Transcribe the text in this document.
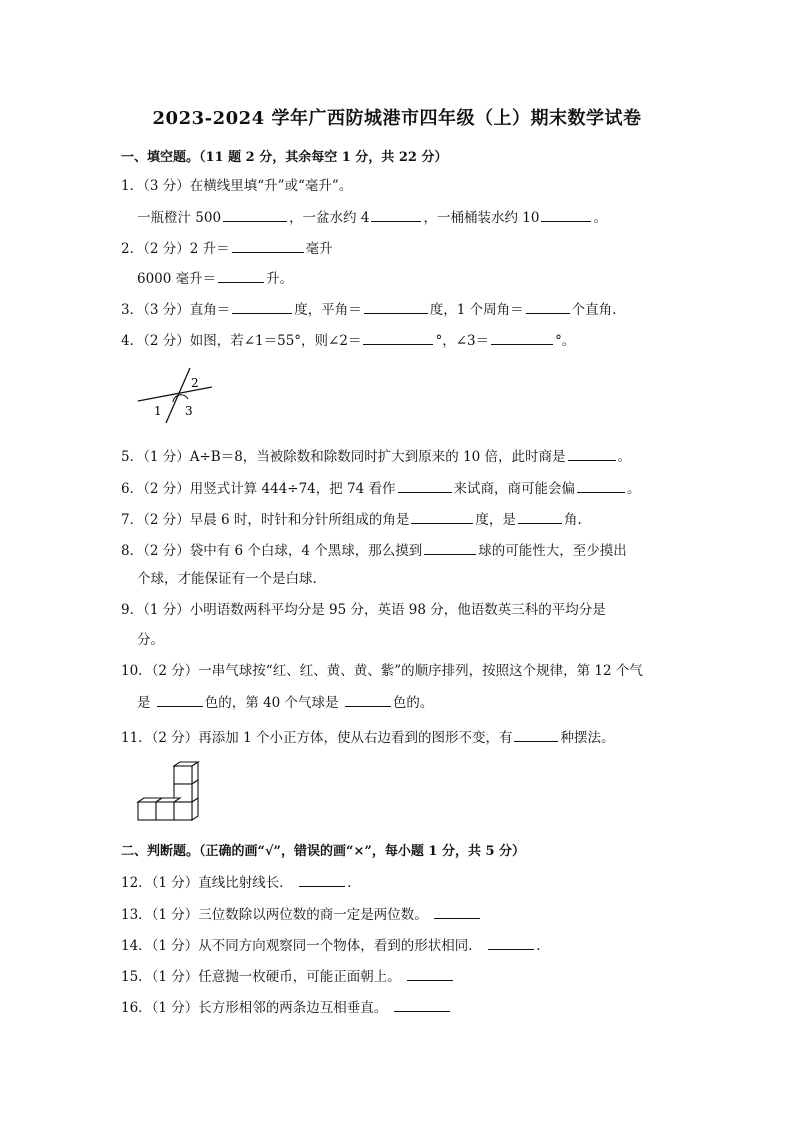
2023-2024 学年广西防城港市四年级（上）期末数学试卷
一、填空题。（11 题 2 分，其余每空 1 分，共 22 分）
1．（3 分）在横线里填“升”或“毫升”。
一瓶橙汁 500	，一盆水约 4	，一桶桶装水约 10	。
2．（2 分）2 升＝	毫升
6000 毫升＝	升。
3．（3 分）直角＝	度，平角＝	度，1 个周角＝	个直角.
4．（2 分）如图，若∠1＝55°，则∠2＝	°，∠3＝	°。
2
1 3
5．（1 分）A÷B＝8，当被除数和除数同时扩大到原来的 10 倍，此时商是	。
6．（2 分）用竖式计算 444÷74，把 74 看作	来试商，商可能会偏	。
7．（2 分）早晨 6 时，时针和分针所组成的角是	度，是	角.
8．（2 分）袋中有 6 个白球，4 个黑球，那么摸到	球的可能性大，至少摸出
个球，才能保证有一个是白球.
9．（1 分）小明语数两科平均分是 95 分，英语 98 分，他语数英三科的平均分是
分。
10．（2 分）一串气球按“红、红、黄、黄、紫”的顺序排列，按照这个规律，第 12 个气
是	色的，第 40 个气球是	色的。
11．（2 分）再添加 1 个小正方体，使从右边看到的图形不变，有	种摆法。
二、判断题。（正确的画“√”，错误的画“×”，每小题 1 分，共 5 分）
12．（1 分）直线比射线长．	.
13．（1 分）三位数除以两位数的商一定是两位数。
14．（1 分）从不同方向观察同一个物体，看到的形状相同．	.
15．（1 分）任意抛一枚硬币，可能正面朝上。
16．（1 分）长方形相邻的两条边互相垂直。
